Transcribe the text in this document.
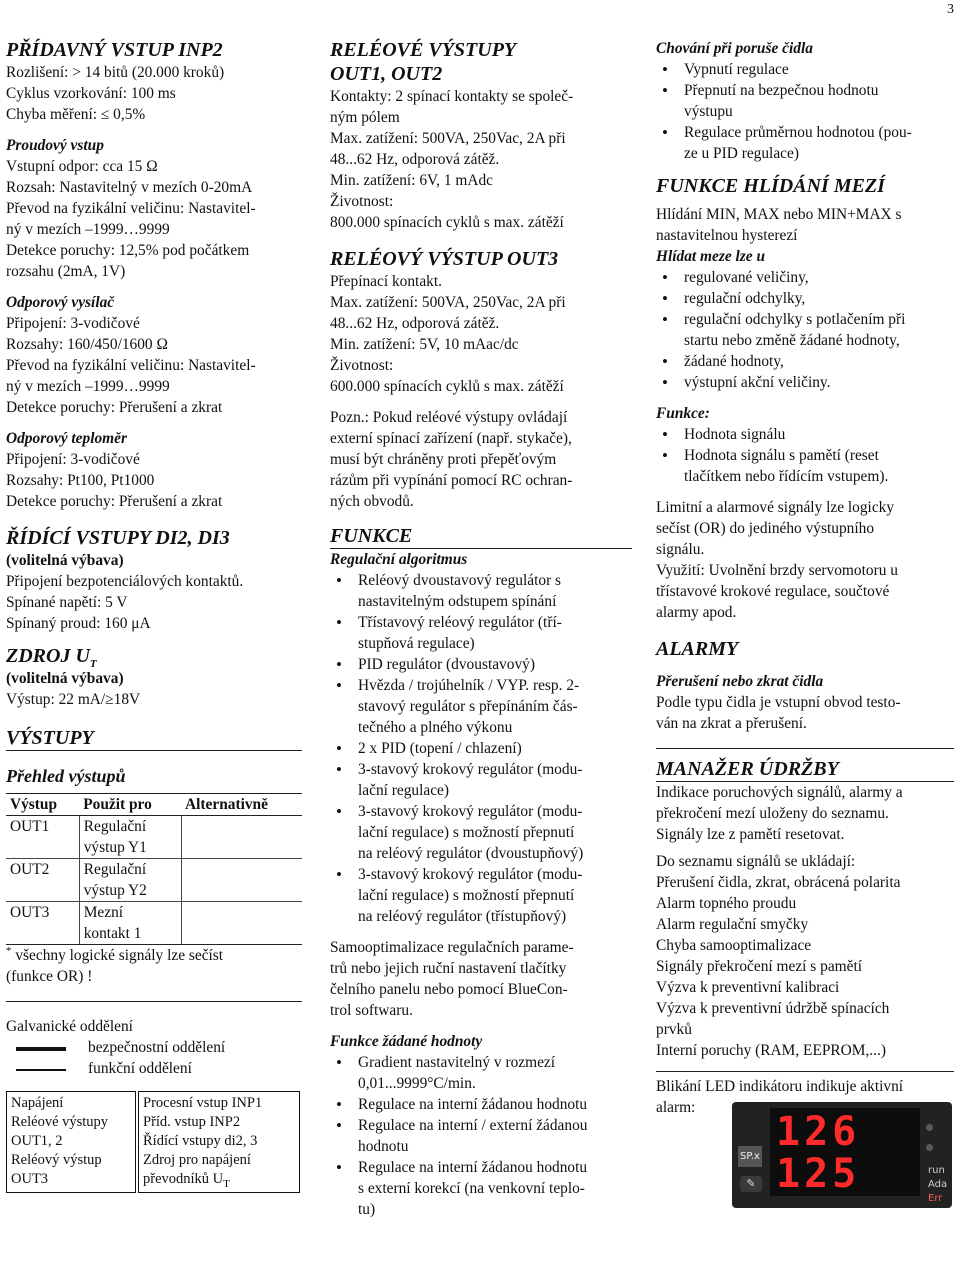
3
PŘÍDAVNÝ VSTUP INP2
Rozlišení: > 14 bitů (20.000 kroků)
Cyklus vzorkování: 100 ms
Chyba měření: ≤ 0,5%
Proudový vstup
Vstupní odpor: cca 15 Ω
Rozsah: Nastavitelný v mezích 0-20mA
Převod na fyzikální veličinu: Nastavitel-
ný v mezích –1999…9999
Detekce poruchy: 12,5% pod počátkem
rozsahu (2mA, 1V)
Odporový vysílač
Připojení: 3-vodičové
Rozsahy: 160/450/1600 Ω
Převod na fyzikální veličinu: Nastavitel-
ný v mezích –1999…9999
Detekce poruchy: Přerušení a zkrat
Odporový teploměr
Připojení: 3-vodičové
Rozsahy: Pt100, Pt1000
Detekce poruchy: Přerušení a zkrat
ŘÍDÍCÍ VSTUPY DI2, DI3
(volitelná výbava)
Připojení bezpotenciálových kontaktů.
Spínané napětí: 5 V
Spínaný proud: 160 μA
ZDROJ $U_T$
(volitelná výbava)
Výstup: 22 mA/≥18V
VÝSTUPY
Přehled výstupů
Výstup	Použit pro	Alternativně
OUT1	Regulační
výstup Y1	
OUT2	Regulační
výstup Y2	
OUT3	Mezní
kontakt 1	
* všechny logické signály lze sečíst
(funkce OR) !
Galvanické oddělení
bezpečnostní oddělení
funkční oddělení
Napájení
Reléové výstupy
OUT1, 2
Reléový výstup
OUT3
Procesní vstup INP1
Příd. vstup INP2
Řídící vstupy di2, 3
Zdroj pro napájení
převodníků $U_T$
RELÉOVÉ VÝSTUPY
OUT1, OUT2
Kontakty: 2 spínací kontakty se společ-
ným pólem
Max. zatížení: 500VA, 250Vac, 2A při
48...62 Hz, odporová zátěž.
Min. zatížení: 6V, 1 mAdc
Životnost:
800.000 spínacích cyklů s max. zátěží
RELÉOVÝ VÝSTUP OUT3
Přepínací kontakt.
Max. zatížení: 500VA, 250Vac, 2A při
48...62 Hz, odporová zátěž.
Min. zatížení: 5V, 10 mAac/dc
Životnost:
600.000 spínacích cyklů s max. zátěží
Pozn.: Pokud reléové výstupy ovládají
externí spínací zařízení (např. stykače),
musí být chráněny proti přepěťovým
rázům při vypínání pomocí RC ochran-
ných obvodů.
FUNKCE
Regulační algoritmus
• Reléový dvoustavový regulátor s
nastavitelným odstupem spínání
• Třístavový reléový regulátor (tří-
stupňová regulace)
• PID regulátor (dvoustavový)
• Hvězda / trojúhelník / VYP. resp. 2-
stavový regulátor s přepínáním čás-
tečného a plného výkonu
• 2 x PID (topení / chlazení)
• 3-stavový krokový regulátor (modu-
lační regulace)
• 3-stavový krokový regulátor (modu-
lační regulace) s možností přepnutí
na reléový regulátor (dvoustupňový)
• 3-stavový krokový regulátor (modu-
lační regulace) s možností přepnutí
na reléový regulátor (třístupňový)
Samooptimalizace regulačních parame-
trů nebo jejich ruční nastavení tlačítky
čelního panelu nebo pomocí BlueCon-
trol softwaru.
Funkce žádané hodnoty
• Gradient nastavitelný v rozmezí
0,01...9999°C/min.
• Regulace na interní žádanou hodnotu
• Regulace na interní / externí žádanou
hodnotu
• Regulace na interní žádanou hodnotu
s externí korekcí (na venkovní teplo-
tu)
Chování při poruše čidla
• Vypnutí regulace
• Přepnutí na bezpečnou hodnotu
výstupu
• Regulace průměrnou hodnotou (pou-
ze u PID regulace)
FUNKCE HLÍDÁNÍ MEZÍ
Hlídání MIN, MAX nebo MIN+MAX s
nastavitelnou hysterezí
Hlídat meze lze u
• regulované veličiny,
• regulační odchylky,
• regulační odchylky s potlačením při
startu nebo změně žádané hodnoty,
• žádané hodnoty,
• výstupní akční veličiny.
Funkce:
• Hodnota signálu
• Hodnota signálu s pamětí (reset
tlačítkem nebo řídícím vstupem).
Limitní a alarmové signály lze logicky
sečíst (OR) do jediného výstupního
signálu.
Využití: Uvolnění brzdy servomotoru u
třístavové krokové regulace, součtové
alarmy apod.
ALARMY
Přerušení nebo zkrat čidla
Podle typu čidla je vstupní obvod testo-
ván na zkrat a přerušení.
MANAŽER ÚDRŽBY
Indikace poruchových signálů, alarmy a
překročení mezí uloženy do seznamu.
Signály lze z pamětí resetovat.
Do seznamu signálů se ukládají:
Přerušení čidla, zkrat, obrácená polarita
Alarm topného proudu
Alarm regulační smyčky
Chyba samooptimalizace
Signály překročení mezí s pamětí
Výzva k preventivní kalibraci
Výzva k preventivní údržbě spínacích
prvků
Interní poruchy (RAM, EEPROM,...)
Blikání LED indikátoru indikuje aktivní
alarm:
126
125
SP.x
run
Ada
Err
✎
